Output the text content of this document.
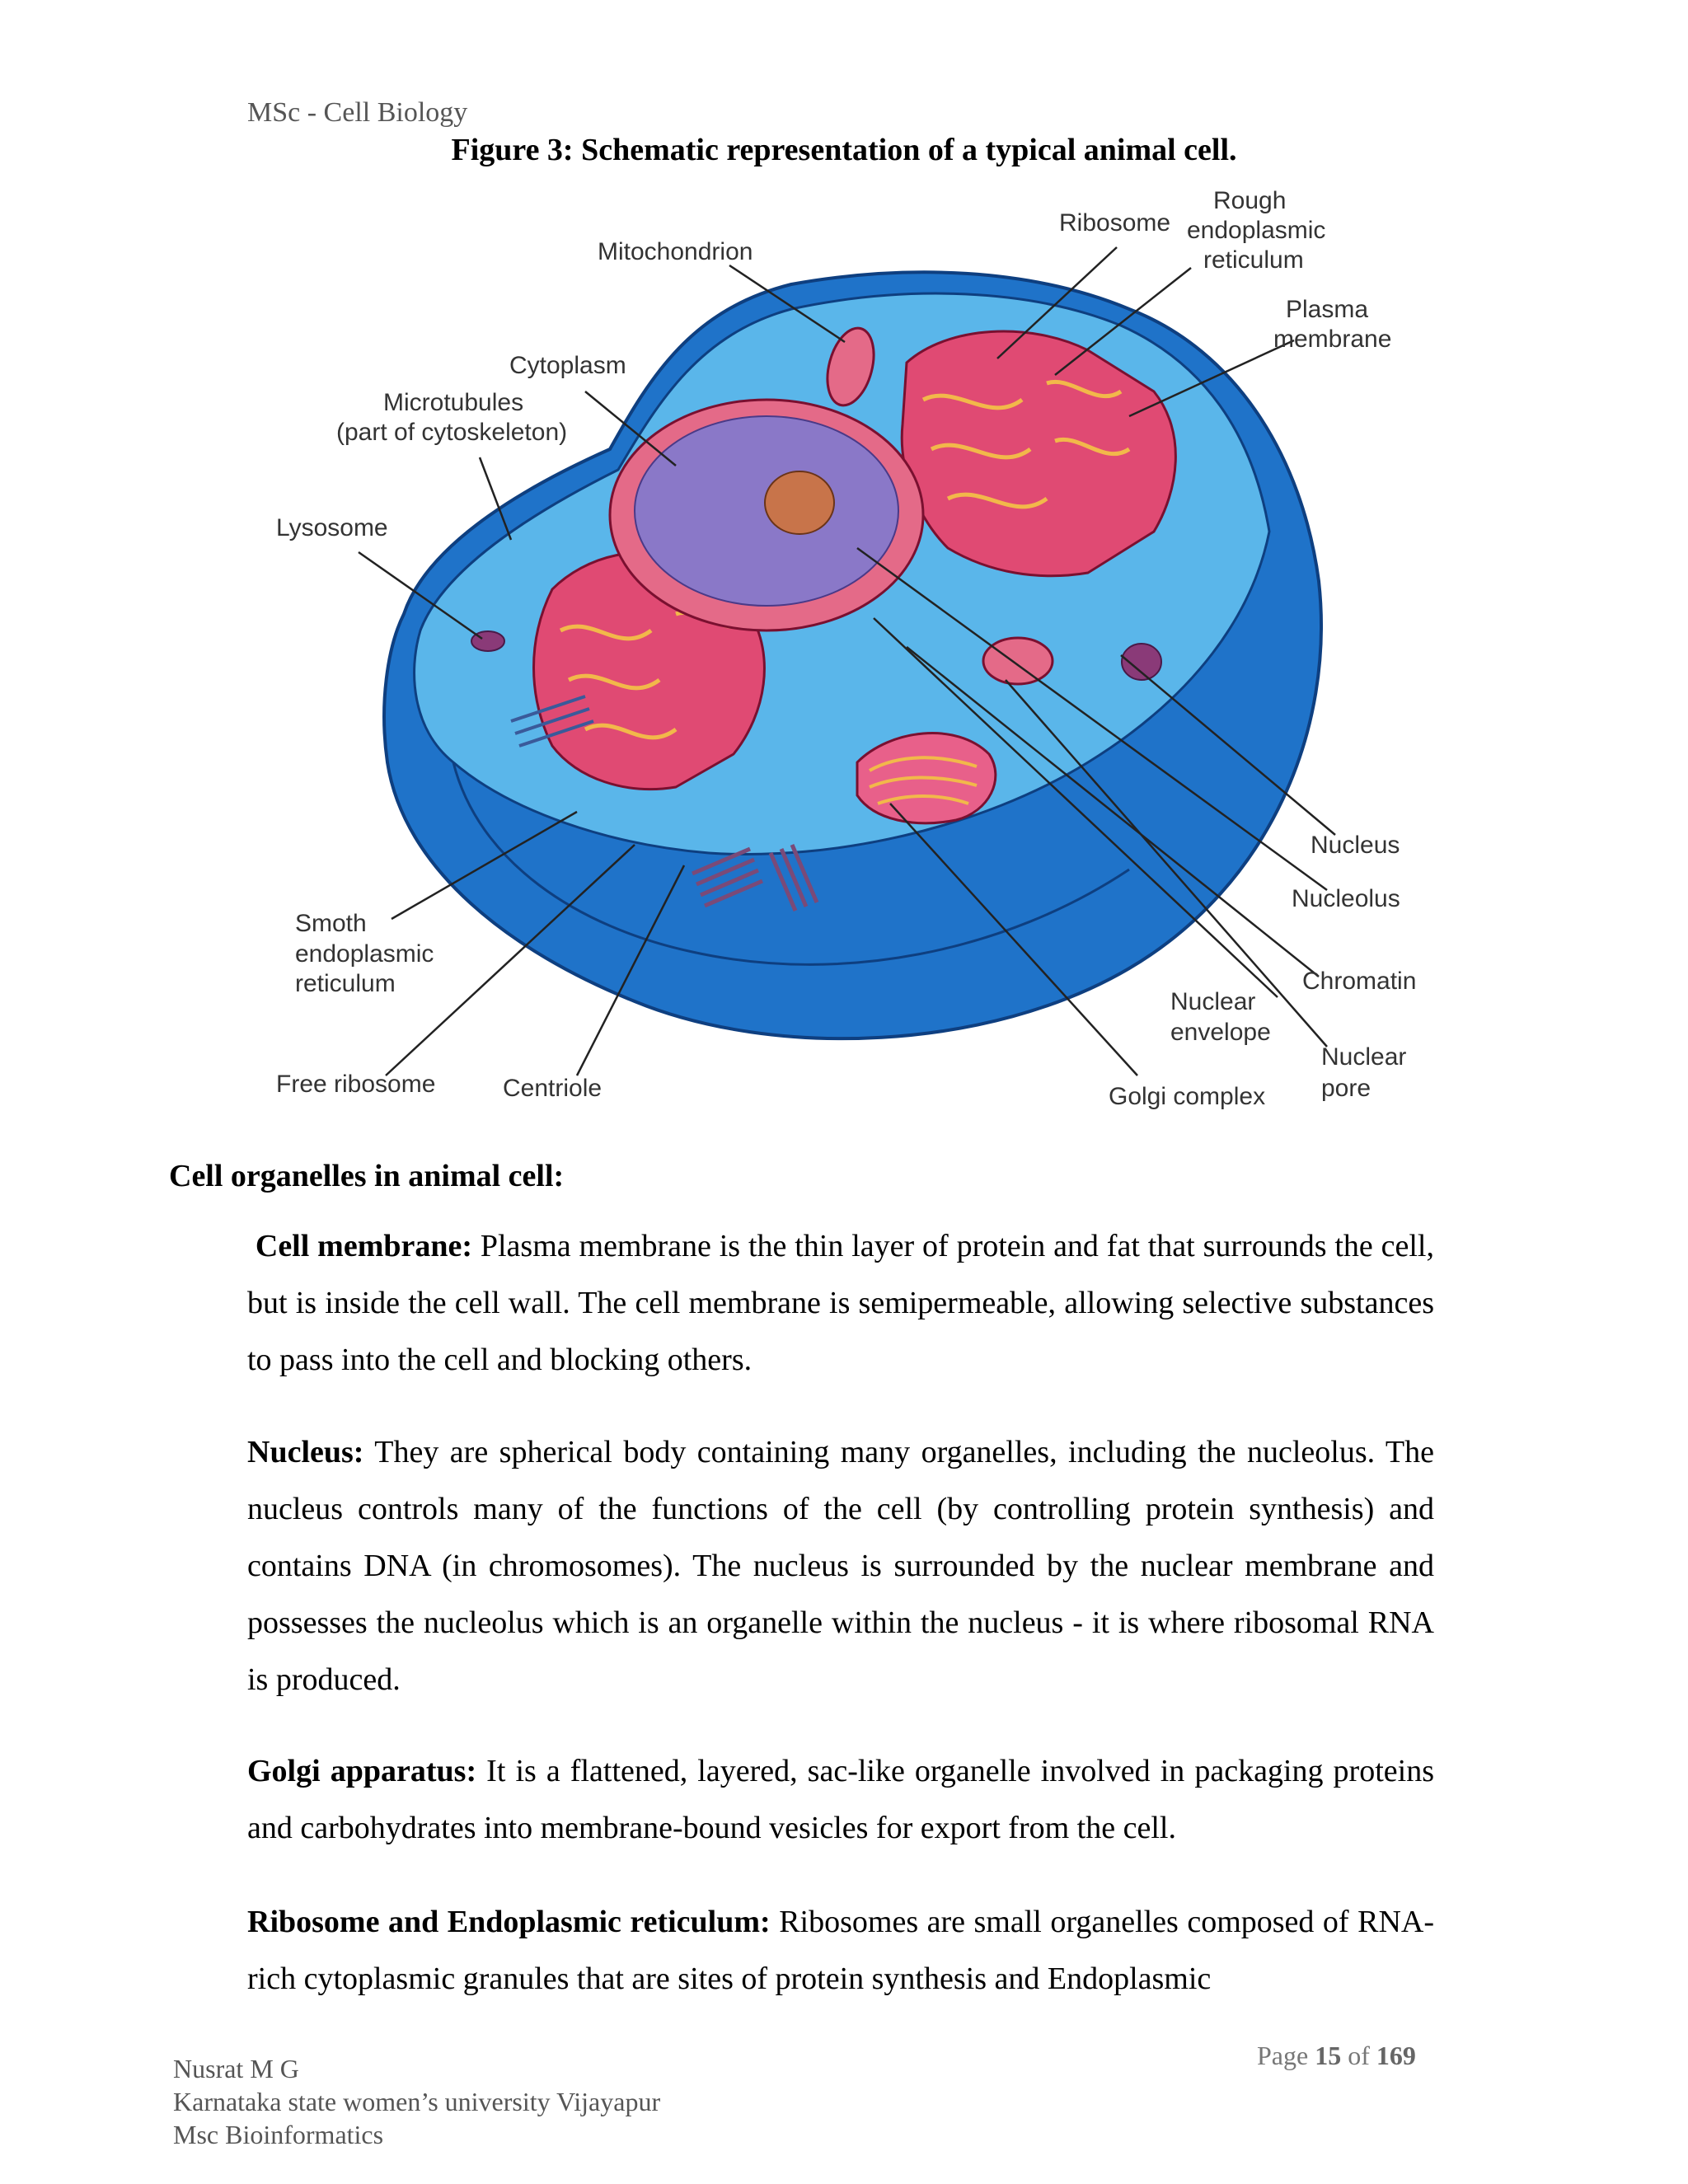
MSc - Cell Biology
Figure 3: Schematic representation of a typical animal cell.
Ribosome
Rough
endoplasmic
reticulum
Mitochondrion
Plasma
membrane
Cytoplasm
Microtubules
(part of cytoskeleton)
Lysosome
Nucleus
Nucleolus
Smoth
endoplasmic
reticulum	Chromatin
Nuclear
envelope
Nuclear
pore
Free ribosome	Centriole	Golgi complex
Cell organelles in animal cell:

Cell membrane: Plasma membrane is the thin layer of protein and fat that surrounds the cell, but is inside the cell wall. The cell membrane is semipermeable, allowing selective substances to pass into the cell and blocking others.

Nucleus: They are spherical body containing many organelles, including the nucleolus. The nucleus controls many of the functions of the cell (by controlling protein synthesis) and contains DNA (in chromosomes). The nucleus is surrounded by the nuclear membrane and possesses the nucleolus which is an organelle within the nucleus - it is where ribosomal RNA is produced.

Golgi apparatus: It is a flattened, layered, sac-like organelle involved in packaging proteins and carbohydrates into membrane-bound vesicles for export from the cell.

Ribosome and Endoplasmic reticulum: Ribosomes are small organelles composed of RNA-rich cytoplasmic granules that are sites of protein synthesis and Endoplasmic

Nusrat M G
Karnataka state women’s university Vijayapur
Msc Bioinformatics
Page 15 of 169
